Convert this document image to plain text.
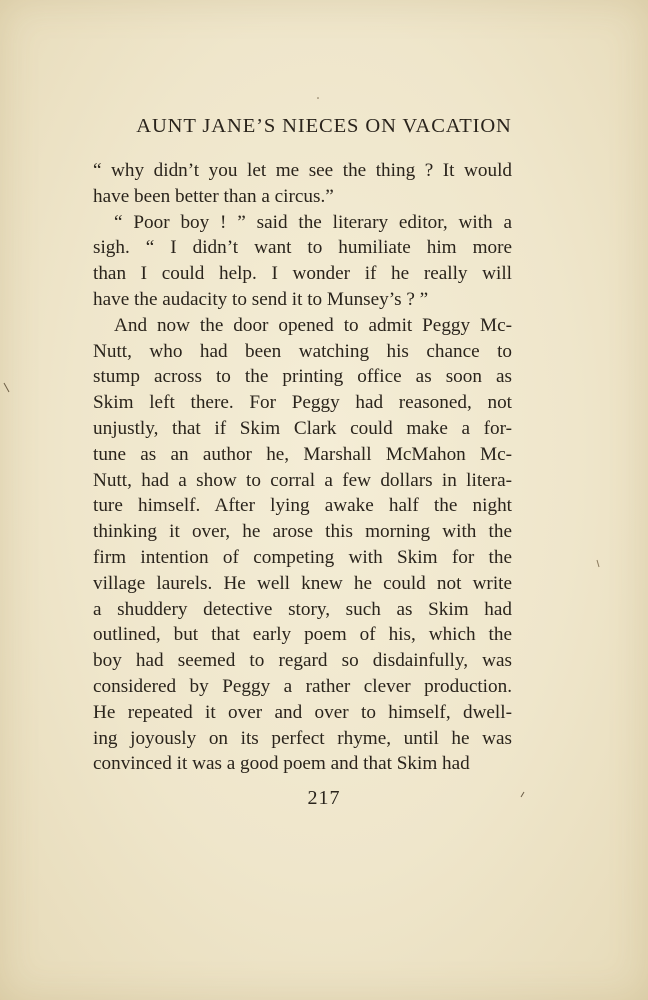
AUNT JANE’S NIECES ON VACATION
“ why didn’t you let me see the thing ? It would
have been better than a circus.”
“ Poor boy ! ” said the literary editor, with a
sigh. “ I didn’t want to humiliate him more
than I could help. I wonder if he really will
have the audacity to send it to Munsey’s ? ”
And now the door opened to admit Peggy Mc-
Nutt, who had been watching his chance to
stump across to the printing office as soon as
Skim left there. For Peggy had reasoned, not
unjustly, that if Skim Clark could make a for-
tune as an author he, Marshall McMahon Mc-
Nutt, had a show to corral a few dollars in litera-
ture himself. After lying awake half the night
thinking it over, he arose this morning with the
firm intention of competing with Skim for the
village laurels. He well knew he could not write
a shuddery detective story, such as Skim had
outlined, but that early poem of his, which the
boy had seemed to regard so disdainfully, was
considered by Peggy a rather clever production.
He repeated it over and over to himself, dwell-
ing joyously on its perfect rhyme, until he was
convinced it was a good poem and that Skim had
217
